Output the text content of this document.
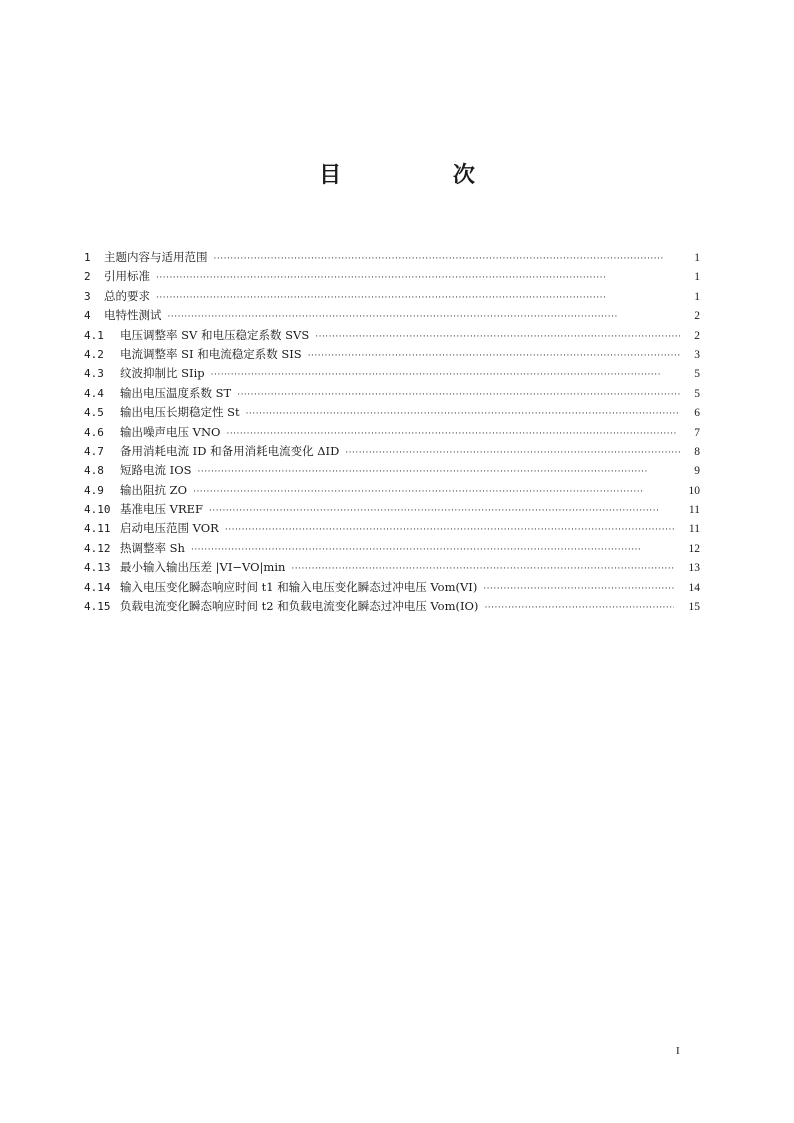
目 次
1	主题内容与适用范围 ·····	1
2	引用标准 ·····	1
3	总的要求 ·····	1
4	电特性测试 ·····	2
4.1	电压调整率 SV 和电压稳定系数 SVS ·····	2
4.2	电流调整率 SI 和电流稳定系数 SIS ·····	3
4.3	纹波抑制比 SIip ·····	5
4.4	输出电压温度系数 ST ·····	5
4.5	输出电压长期稳定性 St ·····	6
4.6	输出噪声电压 VNO ·····	7
4.7	备用消耗电流 ID 和备用消耗电流变化 ΔID ·····	8
4.8	短路电流 IOS ·····	9
4.9	输出阻抗 ZO ·····	10
4.10 基准电压 VREF ·····	11
4.11 启动电压范围 VOR ·····	11
4.12 热调整率 Sh ·····	12
4.13 最小输入输出压差 |VI−VO|min ·····	13
4.14 输入电压变化瞬态响应时间 t1 和输入电压变化瞬态过冲电压 Vom(VI) ·····	14
4.15 负载电流变化瞬态响应时间 t2 和负载电流变化瞬态过冲电压 Vom(IO) ·····	15
I
